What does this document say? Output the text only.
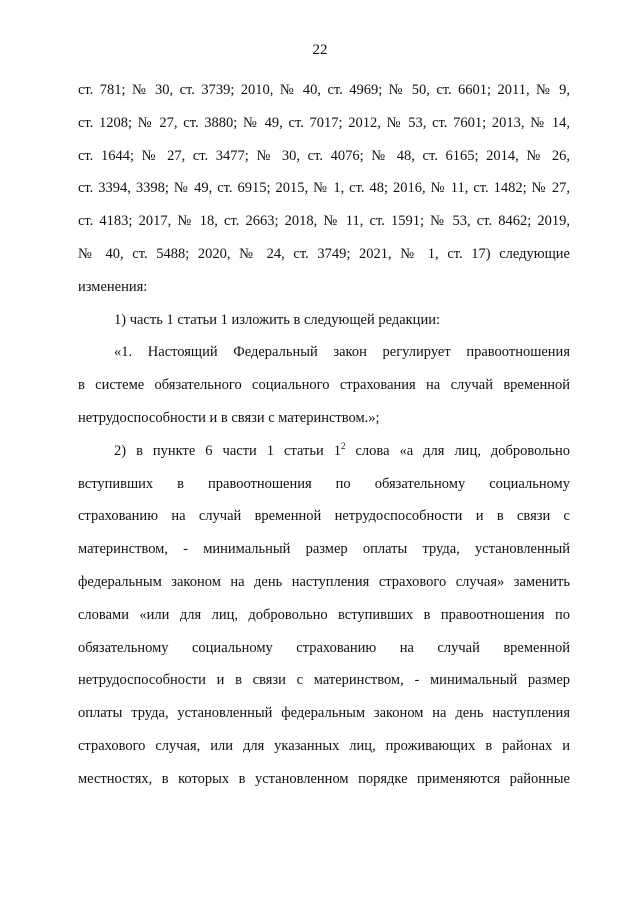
22
ст. 781; № 30, ст. 3739; 2010, № 40, ст. 4969; № 50, ст. 6601; 2011, № 9,
ст. 1208; № 27, ст. 3880; № 49, ст. 7017; 2012, № 53, ст. 7601; 2013, № 14,
ст. 1644; № 27, ст. 3477; № 30, ст. 4076; № 48, ст. 6165; 2014, № 26,
ст. 3394, 3398; № 49, ст. 6915; 2015, № 1, ст. 48; 2016, № 11, ст. 1482; № 27,
ст. 4183; 2017, № 18, ст. 2663; 2018, № 11, ст. 1591; № 53, ст. 8462; 2019,
№ 40, ст. 5488; 2020, № 24, ст. 3749; 2021, № 1, ст. 17) следующие
изменения:
1) часть 1 статьи 1 изложить в следующей редакции:
«1. Настоящий Федеральный закон регулирует правоотношения
в системе обязательного социального страхования на случай временной
нетрудоспособности и в связи с материнством.»;
2) в пункте 6 части 1 статьи $1^2$ слова «а для лиц, добровольно
вступивших в правоотношения по обязательному социальному
страхованию на случай временной нетрудоспособности и в связи с
материнством, - минимальный размер оплаты труда, установленный
федеральным законом на день наступления страхового случая» заменить
словами «или для лиц, добровольно вступивших в правоотношения по
обязательному социальному страхованию на случай временной
нетрудоспособности и в связи с материнством, - минимальный размер
оплаты труда, установленный федеральным законом на день наступления
страхового случая, или для указанных лиц, проживающих в районах и
местностях, в которых в установленном порядке применяются районные
